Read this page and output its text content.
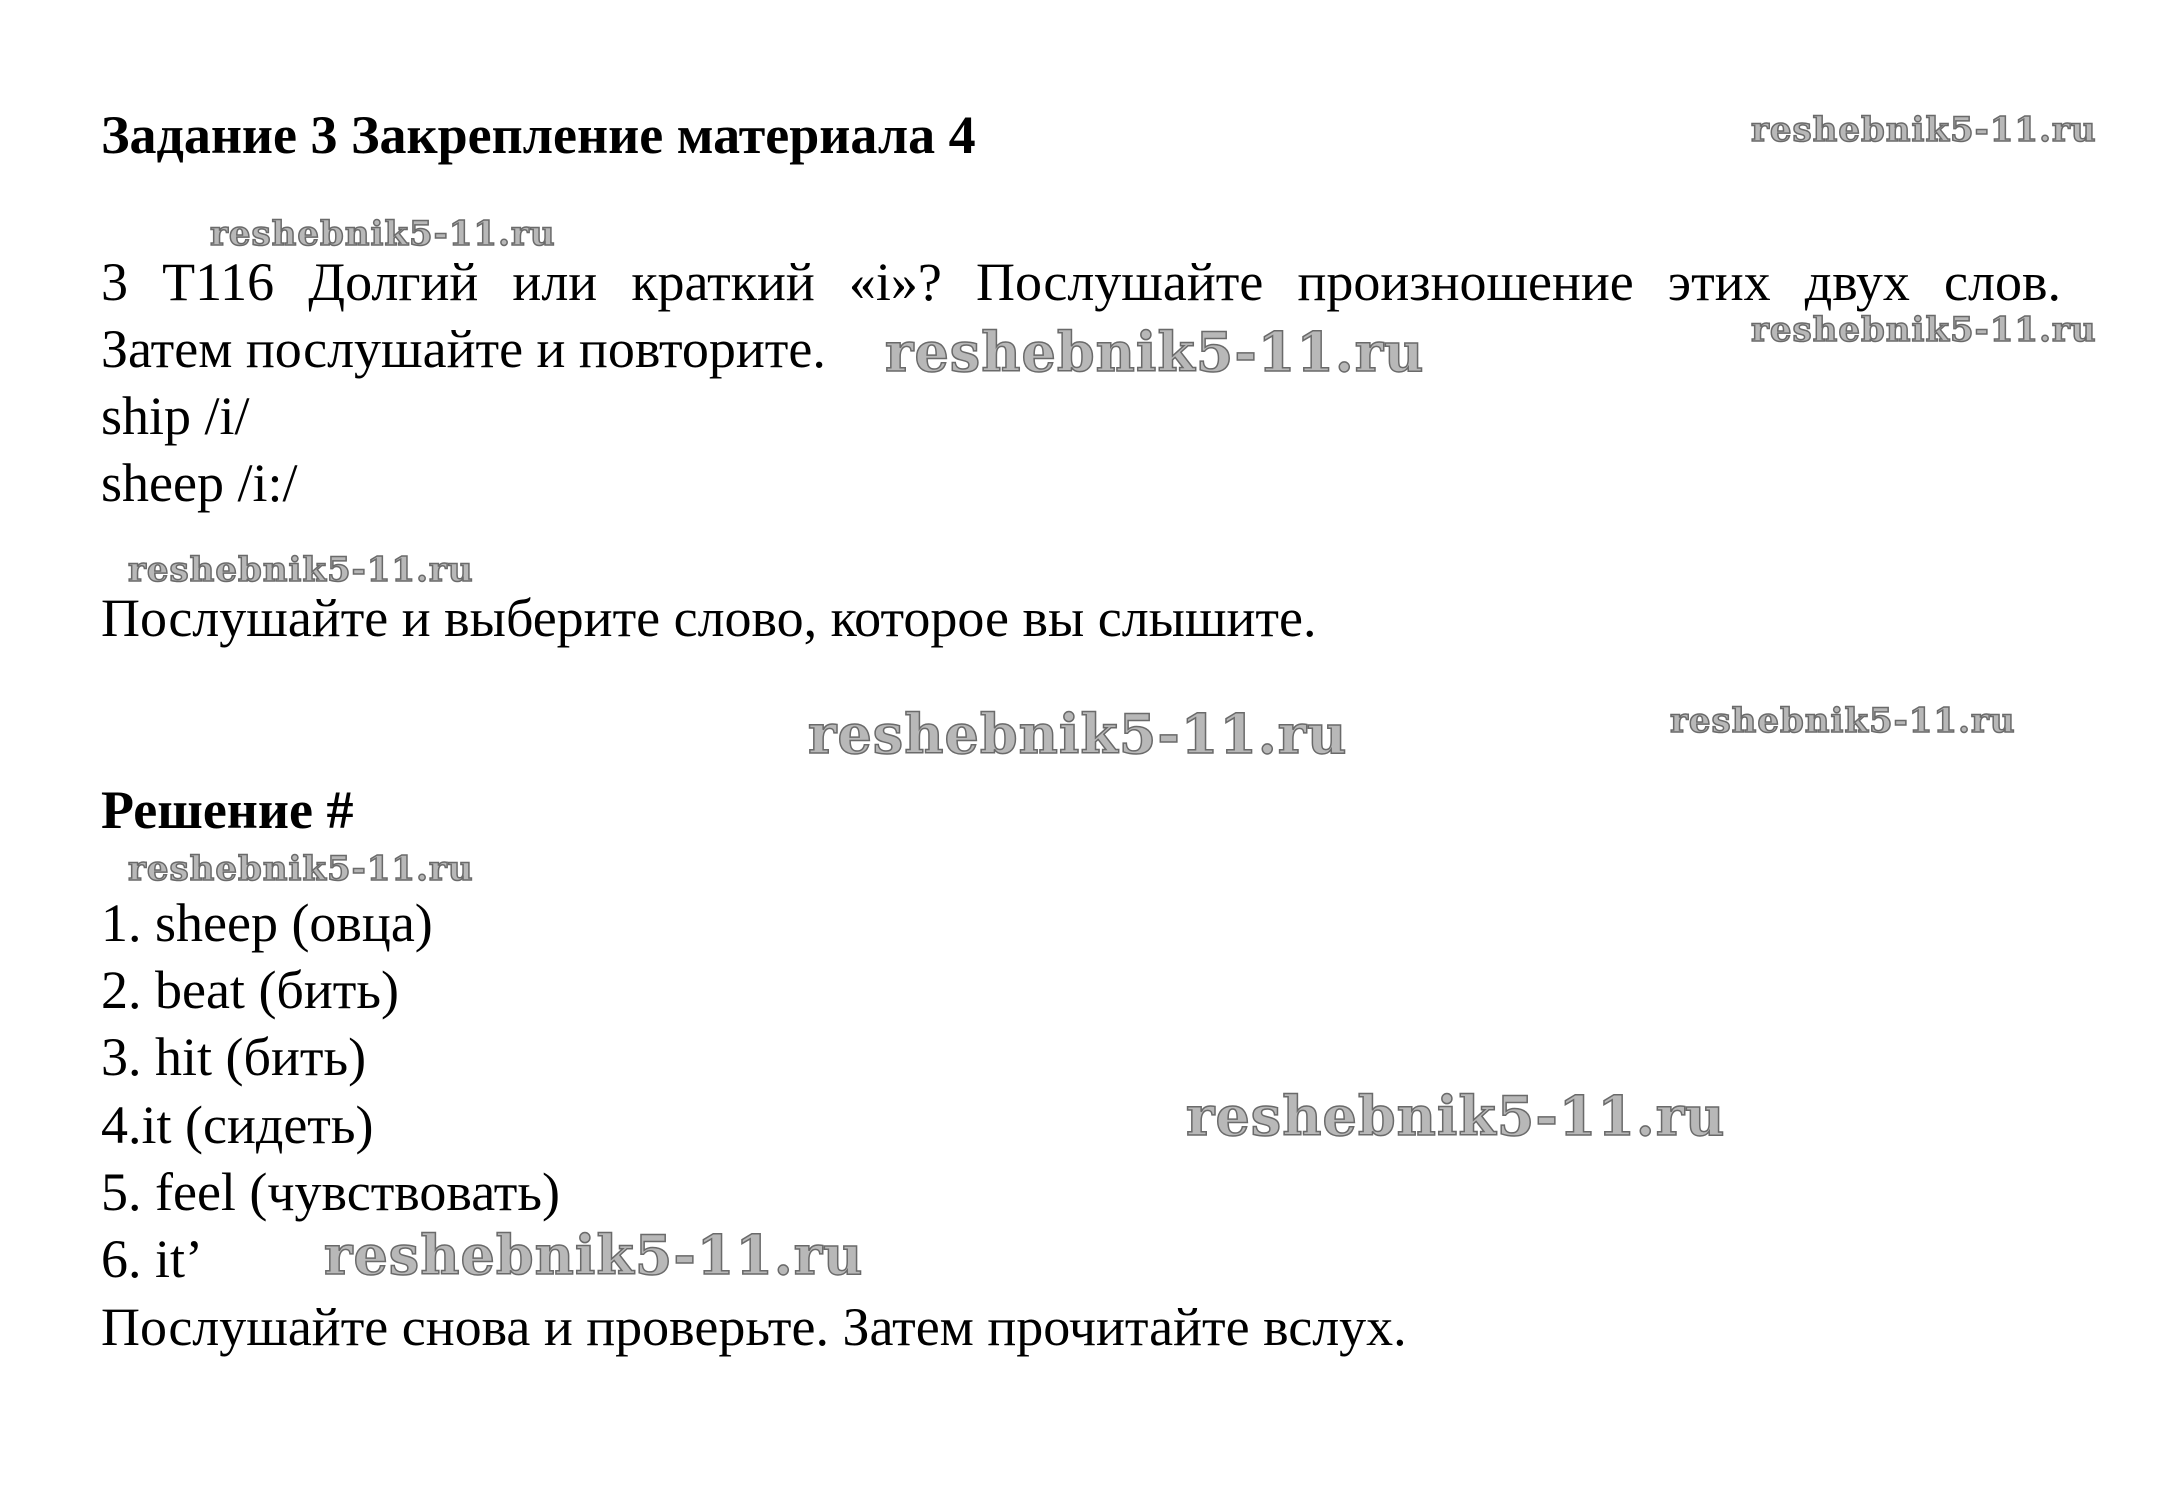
Задание 3 Закрепление материала 4
3 T116 Долгий или краткий «i»? Послушайте произношение этих двух слов.
Затем послушайте и повторите.
ship /i/
sheep /i:/
Послушайте и выберите слово, которое вы слышите.
Решение #
1. sheep (овца)
2. beat (бить)
3. hit (бить)
4.it (сидеть)
5. feel (чувствовать)
6. it’
Послушайте снова и проверьте. Затем прочитайте вслух.
reshebnik5-11.ru
reshebnik5-11.ru
reshebnik5-11.ru
reshebnik5-11.ru
reshebnik5-11.ru
reshebnik5-11.ru	reshebnik5-11.ru
reshebnik5-11.ru
reshebnik5-11.ru
reshebnik5-11.ru
